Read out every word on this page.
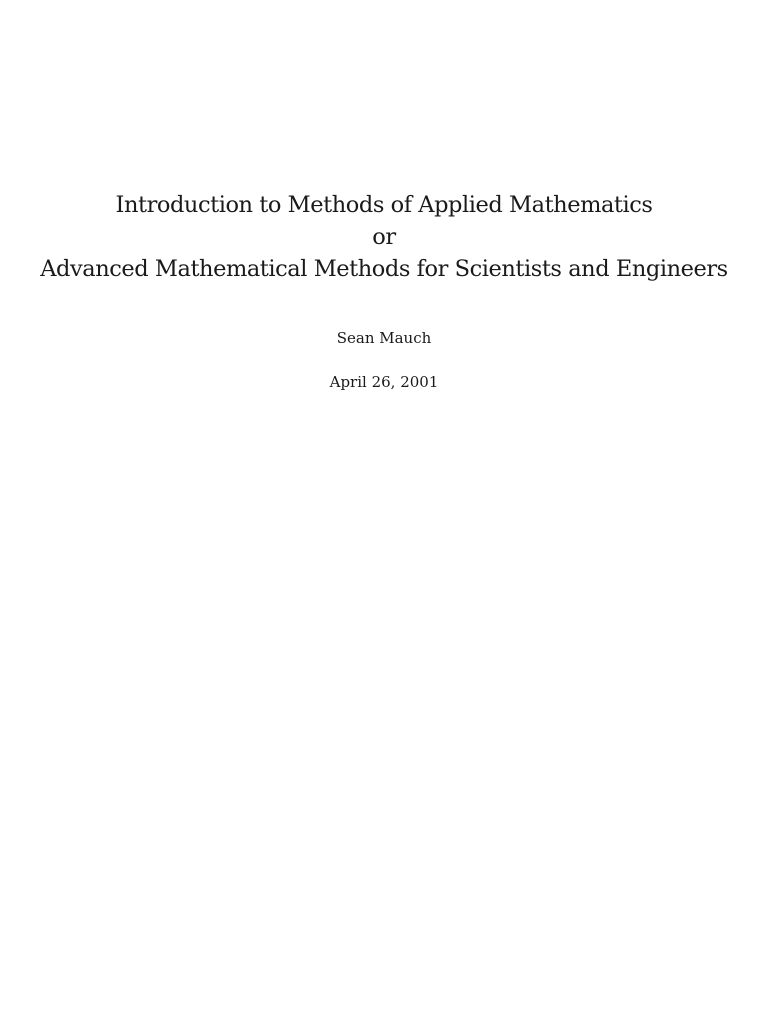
Introduction to Methods of Applied Mathematics
or
Advanced Mathematical Methods for Scientists and Engineers
Sean Mauch
April 26, 2001
